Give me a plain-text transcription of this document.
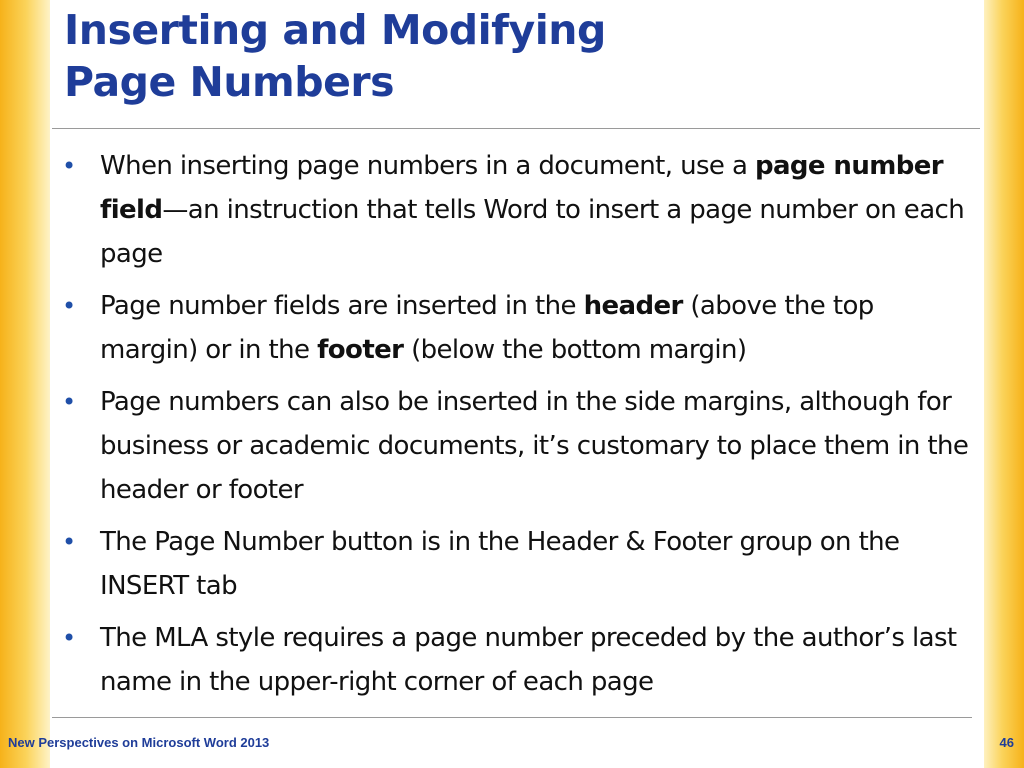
Inserting and Modifying
Page Numbers
• When inserting page numbers in a document, use a page number field—an instruction that tells Word to insert a page number on each page
• Page number fields are inserted in the header (above the top margin) or in the footer (below the bottom margin)
• Page numbers can also be inserted in the side margins, although for business or academic documents, it’s customary to place them in the header or footer
• The Page Number button is in the Header & Footer group on the INSERT tab
• The MLA style requires a page number preceded by the author’s last name in the upper-right corner of each page
New Perspectives on Microsoft Word 2013	46
